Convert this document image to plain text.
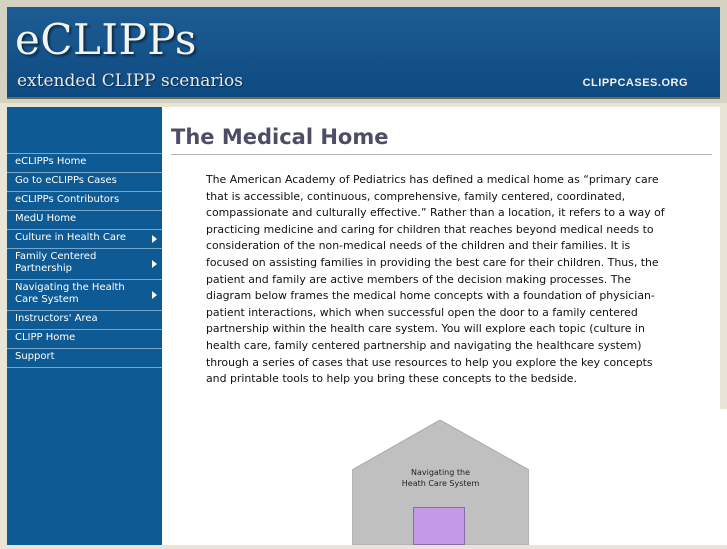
eCLIPPs
extended CLIPP scenarios	CLIPPCASES.ORG
eCLIPPs Home
Go to eCLIPPs Cases
eCLIPPs Contributors
MedU Home
Culture in Health Care
Family Centered Partnership
Navigating the Health Care System
Instructors' Area
CLIPP Home
Support
The Medical Home

The American Academy of Pediatrics has defined a medical home as “primary care that is accessible, continuous, comprehensive, family centered, coordinated, compassionate and culturally effective.” Rather than a location, it refers to a way of practicing medicine and caring for children that reaches beyond medical needs to consideration of the non-medical needs of the children and their families. It is focused on assisting families in providing the best care for their children. Thus, the patient and family are active members of the decision making processes. The diagram below frames the medical home concepts with a foundation of physician-patient interactions, which when successful open the door to a family centered partnership within the health care system. You will explore each topic (culture in health care, family centered partnership and navigating the healthcare system) through a series of cases that use resources to help you explore the key concepts and printable tools to help you bring these concepts to the bedside.

Navigating the
Heath Care System
